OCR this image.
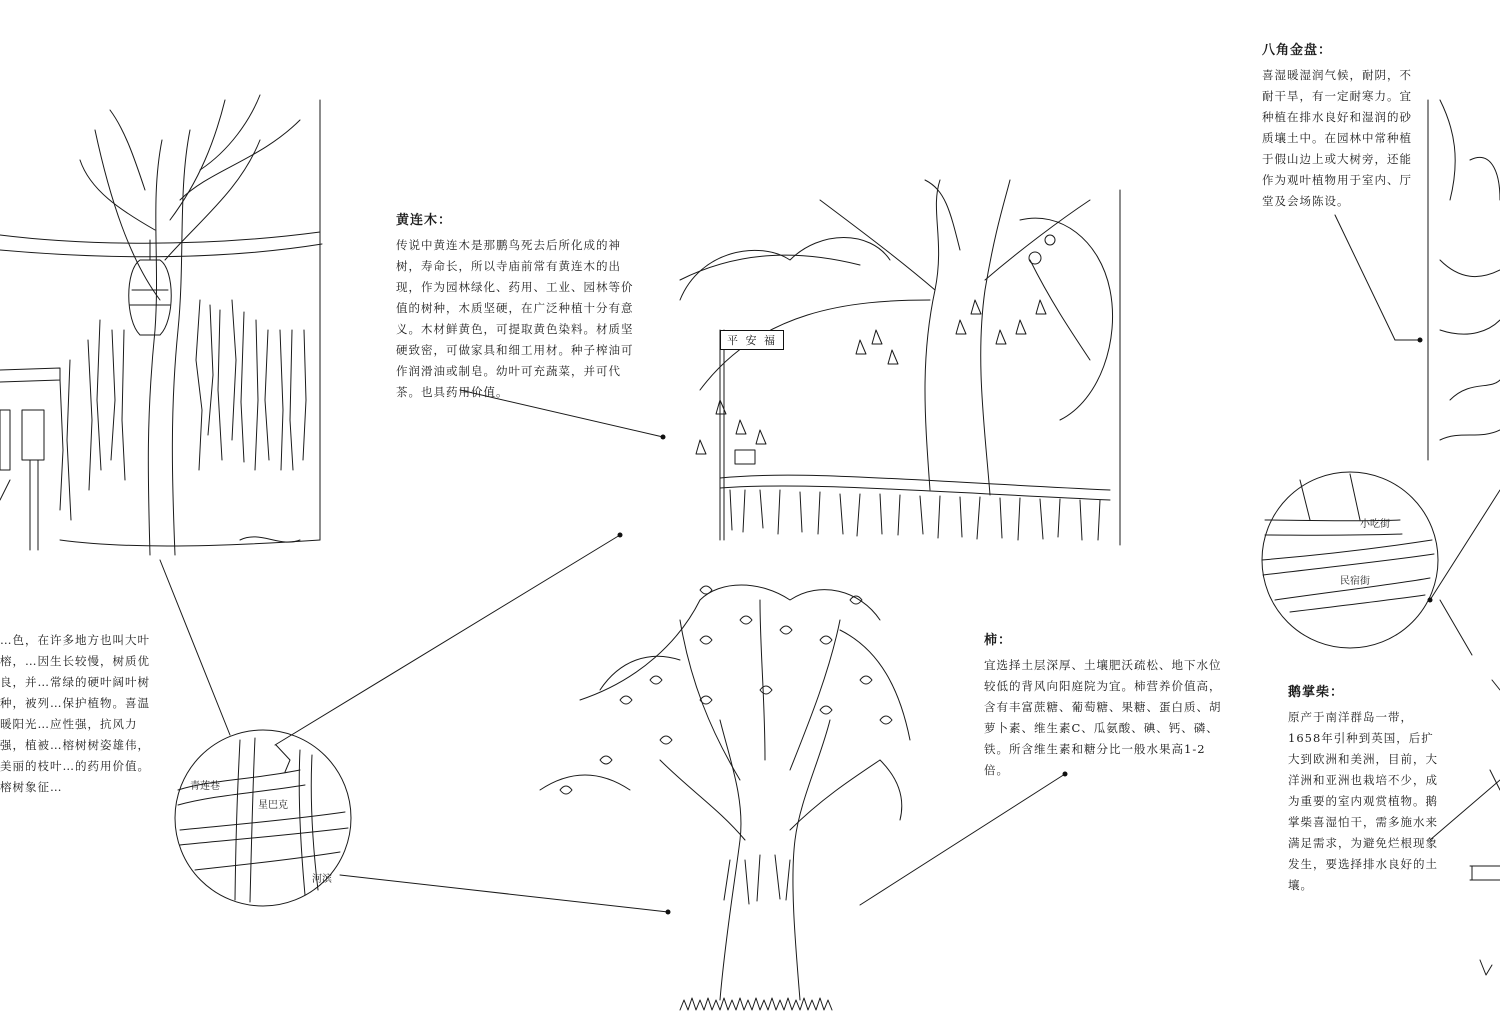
平 安 福
黄连木：
传说中黄连木是那鹏鸟死去后所化成的神树，寿命长，所以寺庙前常有黄连木的出现，作为园林绿化、药用、工业、园林等价值的树种，木质坚硬，在广泛种植十分有意义。木材鲜黄色，可提取黄色染料。材质坚硬致密，可做家具和细工用材。种子榨油可作润滑油或制皂。幼叶可充蔬菜，并可代茶。也具药用价值。
八角金盘：
喜湿暖湿润气候，耐阴，不耐干旱，有一定耐寒力。宜种植在排水良好和湿润的砂质壤土中。在园林中常种植于假山边上或大树旁，还能作为观叶植物用于室内、厅堂及会场陈设。
柿：
宜选择土层深厚、土壤肥沃疏松、地下水位较低的背风向阳庭院为宜。柿营养价值高，含有丰富蔗糖、葡萄糖、果糖、蛋白质、胡萝卜素、维生素C、瓜氨酸、碘、钙、磷、铁。所含维生素和糖分比一般水果高1-2倍。
鹅掌柴：
原产于南洋群岛一带，1658年引种到英国，后扩大到欧洲和美洲，目前，大洋洲和亚洲也栽培不少，成为重要的室内观赏植物。鹅掌柴喜湿怕干，需多施水来满足需求，为避免烂根现象发生，要选择排水良好的土壤。
…色，在许多地方也叫大叶榕，…因生长较慢，树质优良，并…常绿的硬叶阔叶树种，被列…保护植物。喜温暖阳光…应性强，抗风力强，植被…榕树树姿雄伟，美丽的枝叶…的药用价值。榕树象征…	青莲巷
星巴克
河滨
小吃街
民宿街
